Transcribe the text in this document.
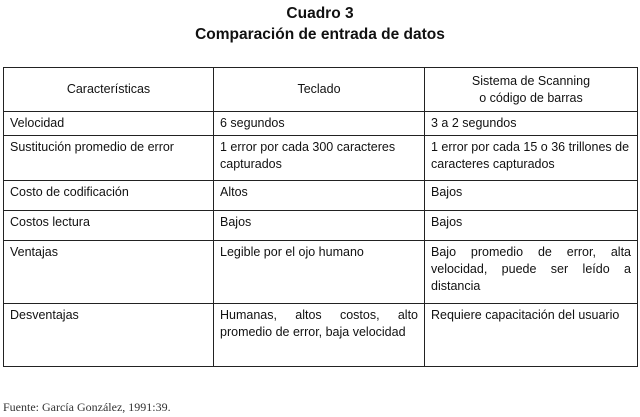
Cuadro 3
Comparación de entrada de datos
Características	Teclado	Sistema de Scanning
o código de barras

Velocidad	6 segundos	3 a 2 segundos
Sustitución promedio de error	1 error por cada 300 caracteres capturados	1 error por cada 15 o 36 trillones de caracteres capturados
Costo de codificación	Altos	Bajos
Costos lectura	Bajos	Bajos
Ventajas	Legible por el ojo humano	Bajo promedio de error, alta velocidad, puede ser leído a distancia
Desventajas	Humanas, altos costos, alto promedio de error, baja velocidad	Requiere capacitación del usuario
Fuente: García González, 1991:39.
